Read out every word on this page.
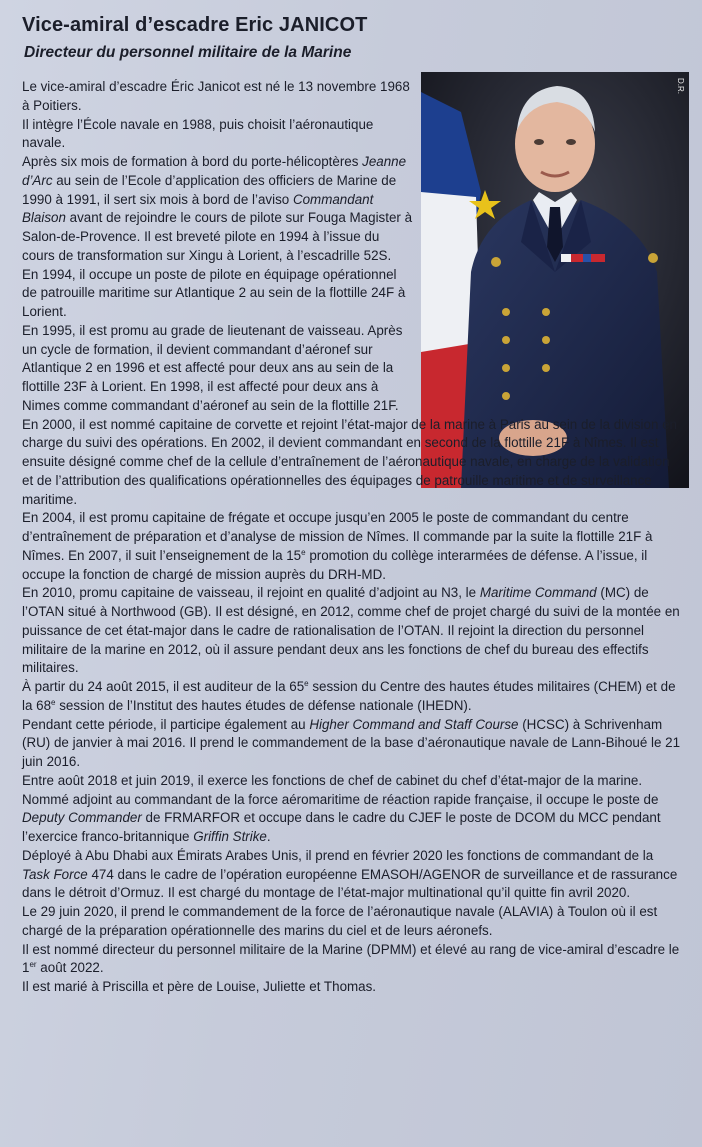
Vice-amiral d’escadre Eric JANICOT
Directeur du personnel militaire de la Marine
D.R.

Le vice-amiral d’escadre Éric Janicot est né le 13 novembre 1968 à Poitiers.

Il intègre l’École navale en 1988, puis choisit l’aéronautique navale.

Après six mois de formation à bord du porte-hélicoptères Jeanne d’Arc au sein de l’Ecole d’application des officiers de Marine de 1990 à 1991, il sert six mois à bord de l’aviso Commandant Blaison avant de rejoindre le cours de pilote sur Fouga Magister à Salon-de-Provence. Il est breveté pilote en 1994 à l’issue du cours de transformation sur Xingu à Lorient, à l’escadrille 52S.

En 1994, il occupe un poste de pilote en équipage opérationnel de patrouille maritime sur Atlantique 2 au sein de la flottille 24F à Lorient.

En 1995, il est promu au grade de lieutenant de vaisseau. Après un cycle de formation, il devient commandant d’aéronef sur Atlantique 2 en 1996 et est affecté pour deux ans au sein de la flottille 23F à Lorient. En 1998, il est affecté pour deux ans à Nimes comme commandant d’aéronef au sein de la flottille 21F.

En 2000, il est nommé capitaine de corvette et rejoint l’état-major de la marine à Paris au sein de la division en charge du suivi des opérations. En 2002, il devient commandant en second de la flottille 21F à Nîmes. Il est ensuite désigné comme chef de la cellule d’entraînement de l’aéronautique navale, en charge de la validation et de l’attribution des qualifications opérationnelles des équipages de patrouille maritime et de surveillance maritime.

En 2004, il est promu capitaine de frégate et occupe jusqu’en 2005 le poste de commandant du centre d’entraînement de préparation et d’analyse de mission de Nîmes. Il commande par la suite la flottille 21F à Nîmes. En 2007, il suit l’enseignement de la 15e promotion du collège interarmées de défense. A l’issue, il occupe la fonction de chargé de mission auprès du DRH-MD.

En 2010, promu capitaine de vaisseau, il rejoint en qualité d’adjoint au N3, le Maritime Command (MC) de l’OTAN situé à Northwood (GB). Il est désigné, en 2012, comme chef de projet chargé du suivi de la montée en puissance de cet état-major dans le cadre de rationalisation de l’OTAN. Il rejoint la direction du personnel militaire de la marine en 2012, où il assure pendant deux ans les fonctions de chef du bureau des effectifs militaires.

À partir du 24 août 2015, il est auditeur de la 65e session du Centre des hautes études militaires (CHEM) et de la 68e session de l’Institut des hautes études de défense nationale (IHEDN).

Pendant cette période, il participe également au Higher Command and Staff Course (HCSC) à Schrivenham (RU) de janvier à mai 2016. Il prend le commandement de la base d’aéronautique navale de Lann-Bihoué le 21 juin 2016.

Entre août 2018 et juin 2019, il exerce les fonctions de chef de cabinet du chef d’état-major de la marine.

Nommé adjoint au commandant de la force aéromaritime de réaction rapide française, il occupe le poste de Deputy Commander de FRMARFOR et occupe dans le cadre du CJEF le poste de DCOM du MCC pendant l’exercice franco-britannique Griffin Strike.

Déployé à Abu Dhabi aux Émirats Arabes Unis, il prend en février 2020 les fonctions de commandant de la Task Force 474 dans le cadre de l’opération européenne EMASOH/AGENOR de surveillance et de rassurance dans le détroit d’Ormuz. Il est chargé du montage de l’état-major multinational qu’il quitte fin avril 2020.

Le 29 juin 2020, il prend le commandement de la force de l’aéronautique navale (ALAVIA) à Toulon où il est chargé de la préparation opérationnelle des marins du ciel et de leurs aéronefs.

Il est nommé directeur du personnel militaire de la Marine (DPMM) et élevé au rang de vice-amiral d’escadre le 1er août 2022.

Il est marié à Priscilla et père de Louise, Juliette et Thomas.
